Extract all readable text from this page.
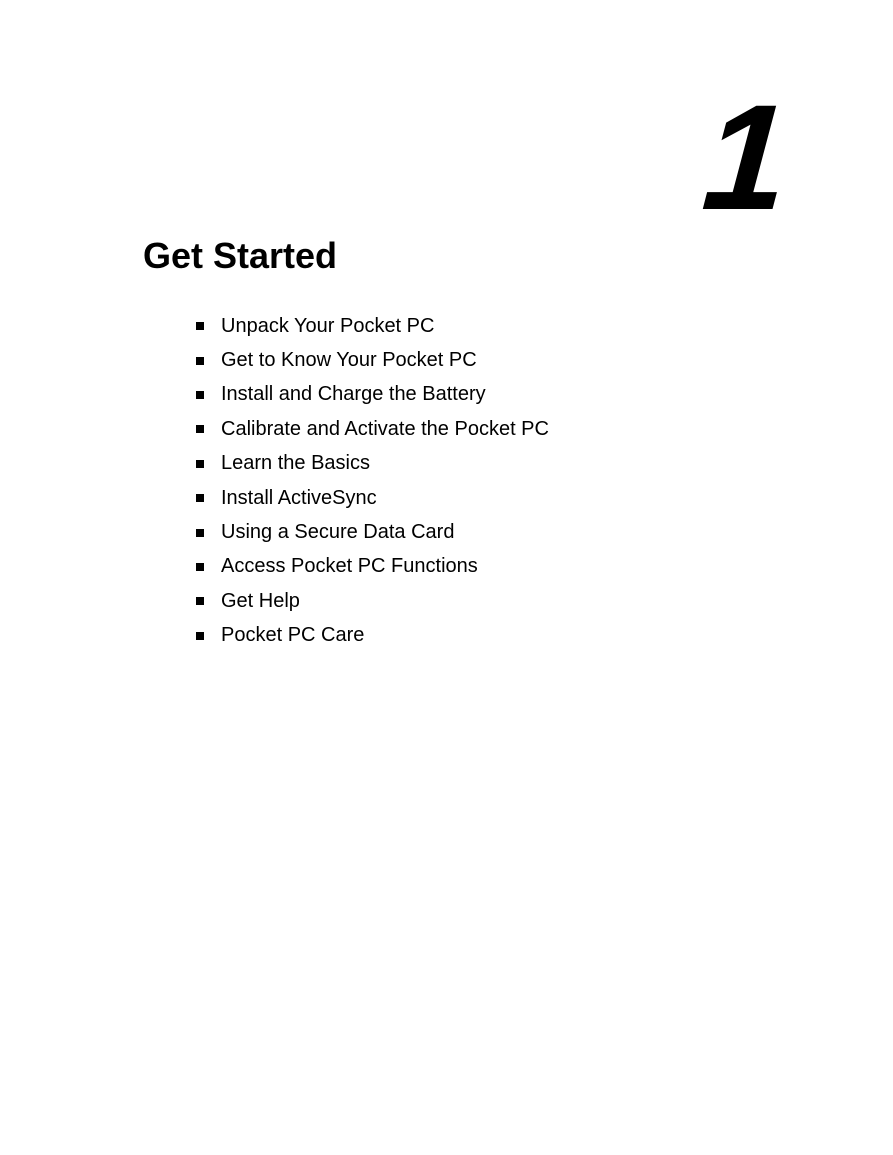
1
Get Started
Unpack Your Pocket PC
Get to Know Your Pocket PC
Install and Charge the Battery
Calibrate and Activate the Pocket PC
Learn the Basics
Install ActiveSync
Using a Secure Data Card
Access Pocket PC Functions
Get Help
Pocket PC Care
